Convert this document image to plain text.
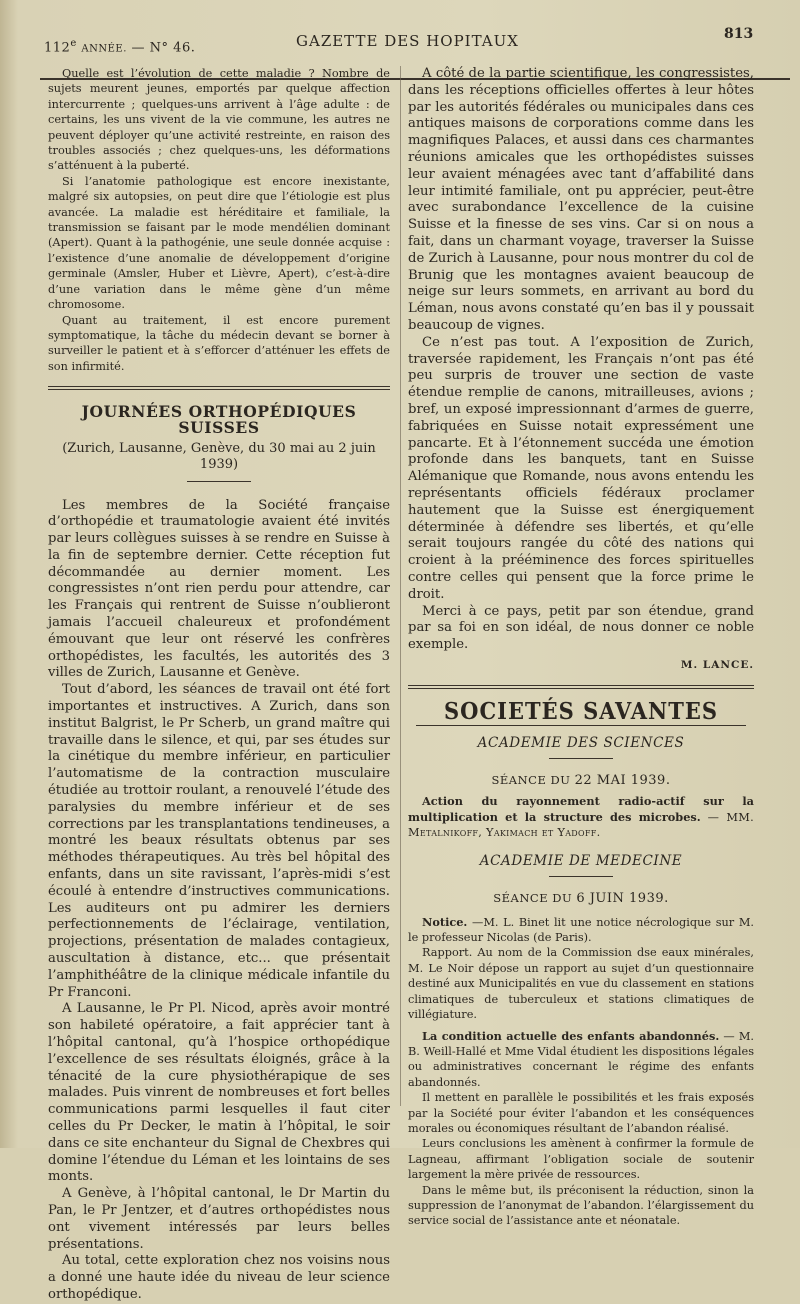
112e ANNÉE. — N° 46.	GAZETTE DES HOPITAUX	813

Quelle est l’évolution de cette maladie ? Nombre de sujets meurent jeunes, emportés par quelque affection intercurrente ; quelques-uns arrivent à l’âge adulte : de certains, les uns vivent de la vie commune, les autres ne peuvent déployer qu’une activité restreinte, en raison des troubles associés ; chez quelques-uns, les déformations s’atténuent à la puberté.

Si l’anatomie pathologique est encore inexistante, malgré six autopsies, on peut dire que l’étiologie est plus avancée. La maladie est héréditaire et familiale, la transmission se faisant par le mode mendélien dominant (Apert). Quant à la pathogénie, une seule donnée acquise : l’existence d’une anomalie de développement d’origine germinale (Amsler, Huber et Lièvre, Apert), c’est-à-dire d’une variation dans le même gène d’un même chromosome.

Quant au traitement, il est encore purement symptomatique, la tâche du médecin devant se borner à surveiller le patient et à s’efforcer d’atténuer les effets de son infirmité.

JOURNÉES ORTHOPÉDIQUES SUISSES
(Zurich, Lausanne, Genève, du 30 mai au 2 juin 1939)

Les membres de la Société française d’orthopédie et traumatologie avaient été invités par leurs collègues suisses à se rendre en Suisse à la fin de septembre dernier. Cette réception fut décommandée au dernier moment. Les congressistes n’ont rien perdu pour attendre, car les Français qui rentrent de Suisse n’oublieront jamais l’accueil chaleureux et profondément émouvant que leur ont réservé les confrères orthopédistes, les facultés, les autorités des 3 villes de Zurich, Lausanne et Genève.

Tout d’abord, les séances de travail ont été fort importantes et instructives. A Zurich, dans son institut Balgrist, le Pr Scherb, un grand maître qui travaille dans le silence, et qui, par ses études sur la cinétique du membre inférieur, en particulier l’automatisme de la contraction musculaire étudiée au trottoir roulant, a renouvelé l’étude des paralysies du membre inférieur et de ses corrections par les transplantations tendineuses, a montré les beaux résultats obtenus par ses méthodes thérapeutiques. Au très bel hôpital des enfants, dans un site ravissant, l’après-midi s’est écoulé à entendre d’instructives communications. Les auditeurs ont pu admirer les derniers perfectionnements de l’éclairage, ventilation, projections, présentation de malades contagieux, auscultation à distance, etc... que présentait l’amphithéâtre de la clinique médicale infantile du Pr Franconi.

A Lausanne, le Pr Pl. Nicod, après avoir montré son habileté opératoire, a fait apprécier tant à l’hôpital cantonal, qu’à l’hospice orthopédique l’excellence de ses résultats éloignés, grâce à la ténacité de la cure physiothérapique de ses malades. Puis vinrent de nombreuses et fort belles communications parmi lesquelles il faut citer celles du Pr Decker, le matin à l’hôpital, le soir dans ce site enchanteur du Signal de Chexbres qui domine l’étendue du Léman et les lointains de ses monts.

A Genève, à l’hôpital cantonal, le Dr Martin du Pan, le Pr Jentzer, et d’autres orthopédistes nous ont vivement intéressés par leurs belles présentations.

Au total, cette exploration chez nos voisins nous a donné une haute idée du niveau de leur science orthopédique.

A côté de la partie scientifique, les congressistes, dans les réceptions officielles offertes à leur hôtes par les autorités fédérales ou municipales dans ces antiques maisons de corporations comme dans les magnifiques Palaces, et aussi dans ces charmantes réunions amicales que les orthopédistes suisses leur avaient ménagées avec tant d’affabilité dans leur intimité familiale, ont pu apprécier, peut-être avec surabondance l’excellence de la cuisine Suisse et la finesse de ses vins. Car si on nous a fait, dans un charmant voyage, traverser la Suisse de Zurich à Lausanne, pour nous montrer du col de Brunig que les montagnes avaient beaucoup de neige sur leurs sommets, en arrivant au bord du Léman, nous avons constaté qu’en bas il y poussait beaucoup de vignes.

Ce n’est pas tout. A l’exposition de Zurich, traversée rapidement, les Français n’ont pas été peu surpris de trouver une section de vaste étendue remplie de canons, mitrailleuses, avions ; bref, un exposé impressionnant d’armes de guerre, fabriquées en Suisse notait expressément une pancarte. Et à l’étonnement succéda une émotion profonde dans les banquets, tant en Suisse Alémanique que Romande, nous avons entendu les représentants officiels fédéraux proclamer hautement que la Suisse est énergiquement déterminée à défendre ses libertés, et qu’elle serait toujours rangée du côté des nations qui croient à la prééminence des forces spirituelles contre celles qui pensent que la force prime le droit.

Merci à ce pays, petit par son étendue, grand par sa foi en son idéal, de nous donner ce noble exemple.

M. LANCE.
SOCIETÉS SAVANTES
ACADEMIE DES SCIENCES
SÉANCE DU 22 MAI 1939.

Action du rayonnement radio-actif sur la multiplication et la structure des microbes. — MM. Metalnikoff, Yakimach et Yadoff.

ACADEMIE DE MEDECINE
SÉANCE DU 6 JUIN 1939.

Notice. —M. L. Binet lit une notice nécrologique sur M. le professeur Nicolas (de Paris).

Rapport. Au nom de la Commission dse eaux minérales, M. Le Noir dépose un rapport au sujet d’un questionnaire destiné aux Municipalités en vue du classement en stations climatiques de tuberculeux et stations climatiques de villégiature.

La condition actuelle des enfants abandonnés. — M. B. Weill-Hallé et Mme Vidal étudient les dispositions légales ou administratives concernant le régime des enfants abandonnés.

Il mettent en parallèle le possibilités et les frais exposés par la Société pour éviter l’abandon et les conséquences morales ou économiques résultant de l’abandon réalisé.

Leurs conclusions les amènent à confirmer la formule de Lagneau, affirmant l’obligation sociale de soutenir largement la mère privée de ressources.

Dans le même but, ils préconisent la réduction, sinon la suppression de l’anonymat de l’abandon. l’élargissement du service social de l’assistance ante et néonatale.
